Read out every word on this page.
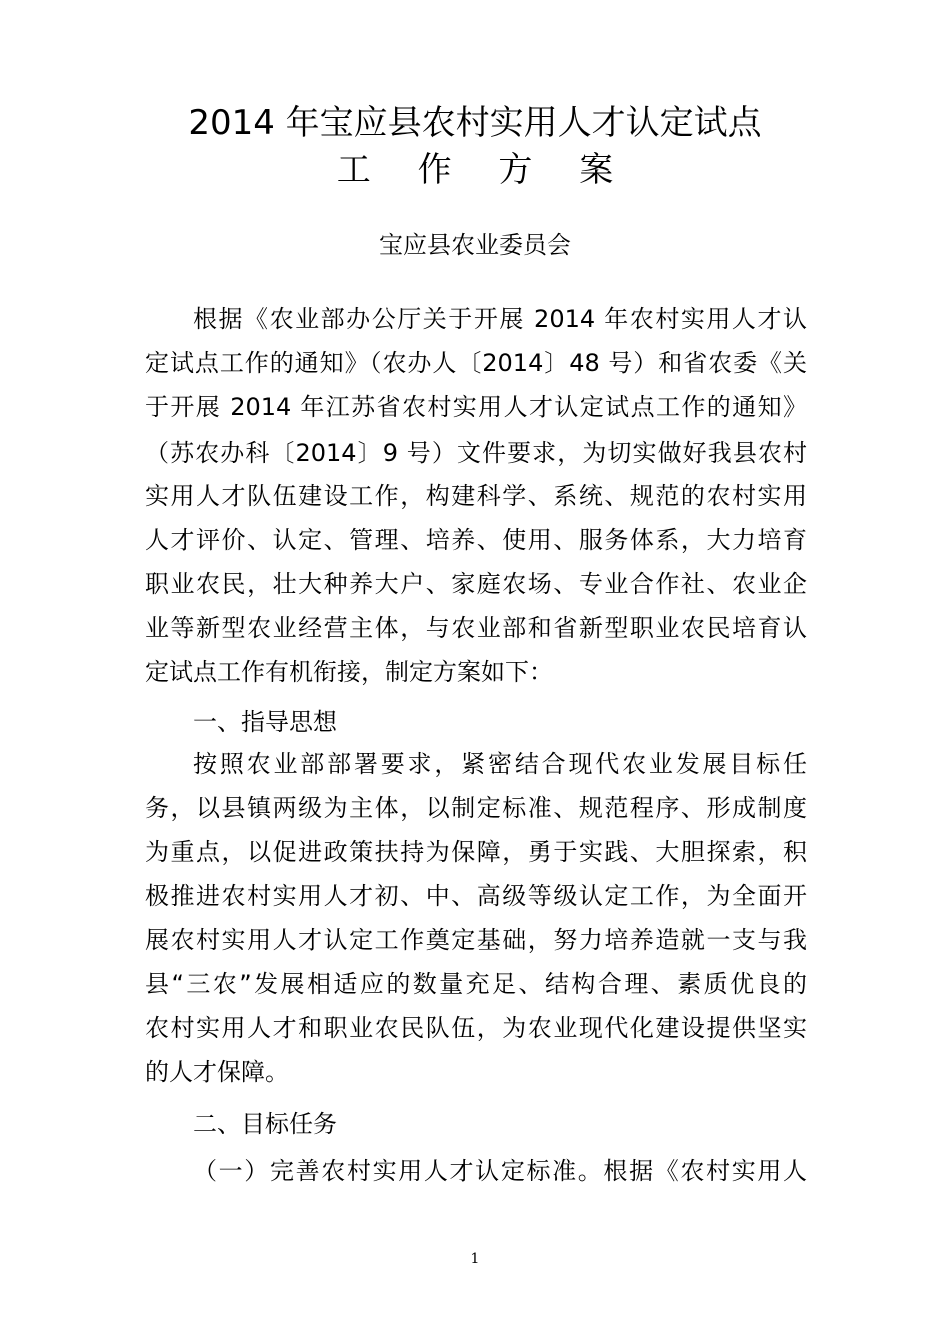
2014 年宝应县农村实用人才认定试点
工 作 方 案
宝应县农业委员会

根据《农业部办公厅关于开展 2014 年农村实用人才认

定试点工作的通知》（农办人〔2014〕48 号）和省农委《关

于开展 2014 年江苏省农村实用人才认定试点工作的通知》

（苏农办科〔2014〕9 号）文件要求，为切实做好我县农村

实用人才队伍建设工作，构建科学、系统、规范的农村实用

人才评价、认定、管理、培养、使用、服务体系，大力培育

职业农民，壮大种养大户、家庭农场、专业合作社、农业企

业等新型农业经营主体，与农业部和省新型职业农民培育认

定试点工作有机衔接，制定方案如下：

一、指导思想

按照农业部部署要求，紧密结合现代农业发展目标任

务，以县镇两级为主体，以制定标准、规范程序、形成制度

为重点，以促进政策扶持为保障，勇于实践、大胆探索，积

极推进农村实用人才初、中、高级等级认定工作，为全面开

展农村实用人才认定工作奠定基础，努力培养造就一支与我

县“三农”发展相适应的数量充足、结构合理、素质优良的

农村实用人才和职业农民队伍，为农业现代化建设提供坚实

的人才保障。

二、目标任务

（一）完善农村实用人才认定标准。根据《农村实用人

1
